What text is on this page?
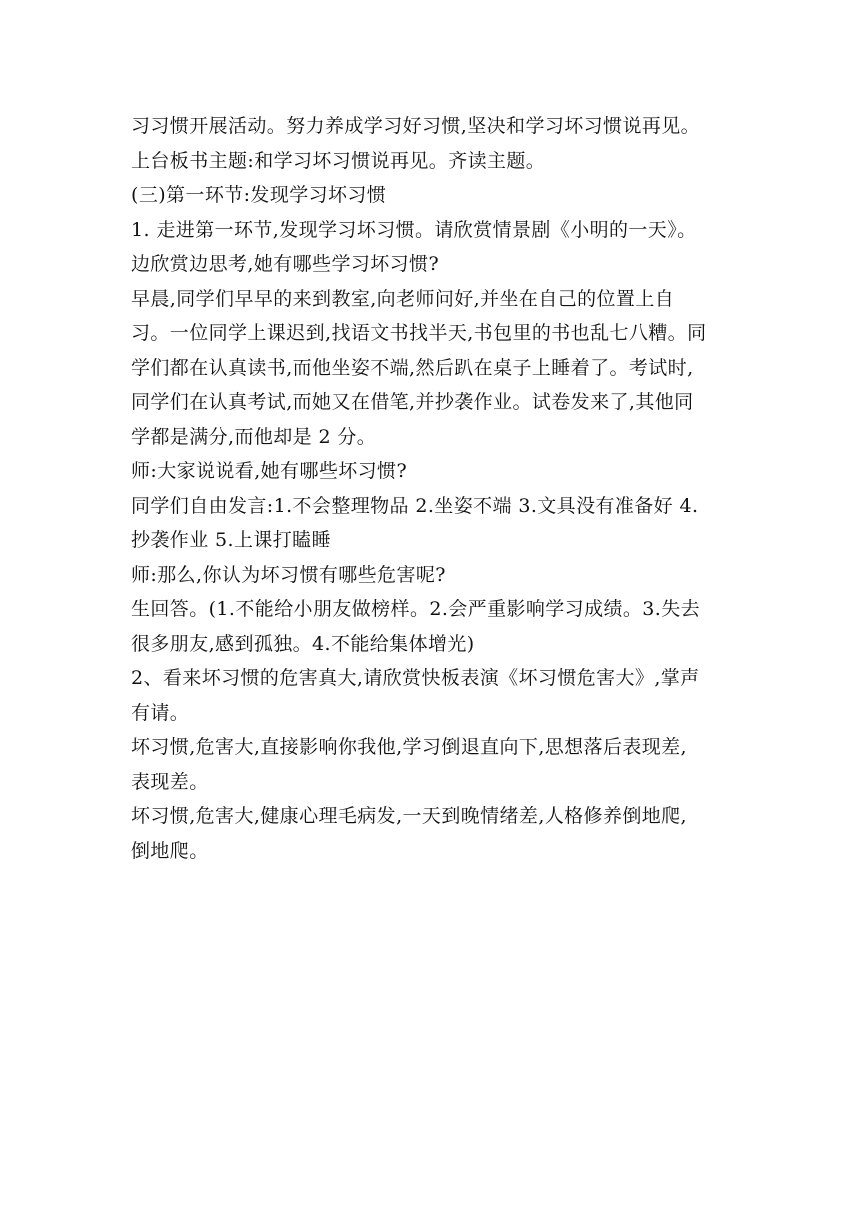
习习惯开展活动。努力养成学习好习惯,坚决和学习坏习惯说再见。
上台板书主题:和学习坏习惯说再见。齐读主题。
(三)第一环节:发现学习坏习惯
1. 走进第一环节,发现学习坏习惯。请欣赏情景剧《小明的一天》。
边欣赏边思考,她有哪些学习坏习惯?
早晨,同学们早早的来到教室,向老师问好,并坐在自己的位置上自
习。一位同学上课迟到,找语文书找半天,书包里的书也乱七八糟。同
学们都在认真读书,而他坐姿不端,然后趴在桌子上睡着了。考试时,
同学们在认真考试,而她又在借笔,并抄袭作业。试卷发来了,其他同
学都是满分,而他却是 2 分。
师:大家说说看,她有哪些坏习惯?
同学们自由发言:1.不会整理物品 2.坐姿不端 3.文具没有准备好 4.
抄袭作业 5.上课打瞌睡
师:那么,你认为坏习惯有哪些危害呢?
生回答。(1.不能给小朋友做榜样。2.会严重影响学习成绩。3.失去
很多朋友,感到孤独。4.不能给集体增光)
2、看来坏习惯的危害真大,请欣赏快板表演《坏习惯危害大》,掌声
有请。
坏习惯,危害大,直接影响你我他,学习倒退直向下,思想落后表现差,
表现差。
坏习惯,危害大,健康心理毛病发,一天到晚情绪差,人格修养倒地爬,
倒地爬。
